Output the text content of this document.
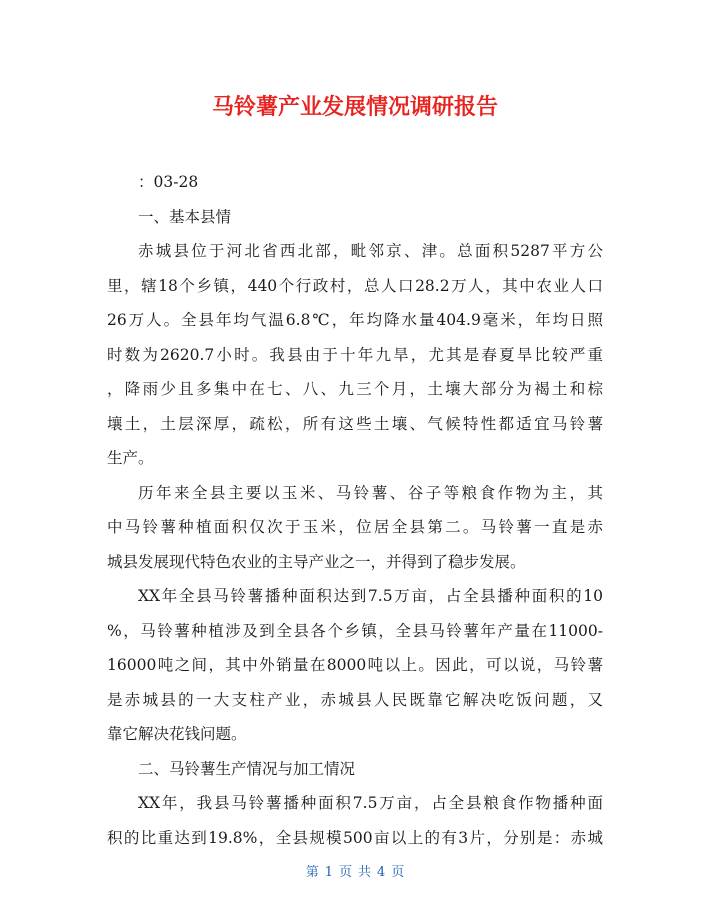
马铃薯产业发展情况调研报告
：03-28
一、基本县情
赤城县位于河北省西北部，毗邻京、津。总面积5287平方公
里，辖18个乡镇，440个行政村，总人口28.2万人，其中农业人口
26万人。全县年均气温6.8℃，年均降水量404.9毫米，年均日照
时数为2620.7小时。我县由于十年九旱，尤其是春夏旱比较严重
，降雨少且多集中在七、八、九三个月，土壤大部分为褐土和棕
壤土，土层深厚，疏松，所有这些土壤、气候特性都适宜马铃薯
生产。
历年来全县主要以玉米、马铃薯、谷子等粮食作物为主，其
中马铃薯种植面积仅次于玉米，位居全县第二。马铃薯一直是赤
城县发展现代特色农业的主导产业之一，并得到了稳步发展。
XX年全县马铃薯播种面积达到7.5万亩，占全县播种面积的10
%，马铃薯种植涉及到全县各个乡镇，全县马铃薯年产量在11000-
16000吨之间，其中外销量在8000吨以上。因此，可以说，马铃薯
是赤城县的一大支柱产业，赤城县人民既靠它解决吃饭问题，又
靠它解决花钱问题。
二、马铃薯生产情况与加工情况
XX年，我县马铃薯播种面积7.5万亩，占全县粮食作物播种面
积的比重达到19.8%，全县规模500亩以上的有3片，分别是：赤城
第 1 页 共 4 页
